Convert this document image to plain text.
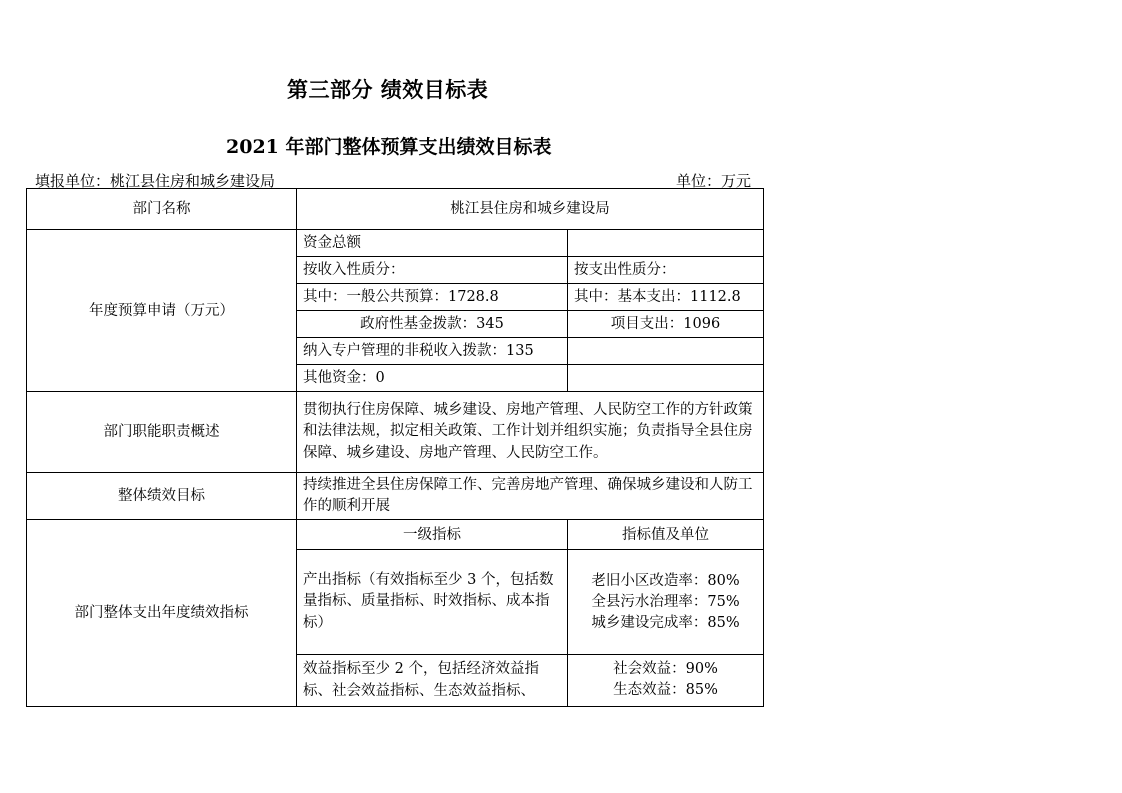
第三部分 绩效目标表
2021 年部门整体预算支出绩效目标表
填报单位：桃江县住房和城乡建设局	单位：万元
部门名称	桃江县住房和城乡建设局	
年度预算申请（万元）	资金总额	
	按收入性质分：	按支出性质分：
	其中：一般公共预算：1728.8	其中：基本支出：1112.8
	政府性基金拨款：345	项目支出：1096
	纳入专户管理的非税收入拨款：135	
	其他资金：0	
部门职能职责概述	贯彻执行住房保障、城乡建设、房地产管理、人民防空工作的方针政策和法律法规，拟定相关政策、工作计划并组织实施；负责指导全县住房保障、城乡建设、房地产管理、人民防空工作。	
整体绩效目标	持续推进全县住房保障工作、完善房地产管理、确保城乡建设和人防工作的顺利开展	
部门整体支出年度绩效指标	一级指标	指标值及单位
	产出指标（有效指标至少 3 个，包括数量指标、质量指标、时效指标、成本指标）	老旧小区改造率：80%
全县污水治理率：75%
城乡建设完成率：85%

	效益指标至少 2 个，包括经济效益指标、社会效益指标、生态效益指标、	社会效益：90%
生态效益：85%
